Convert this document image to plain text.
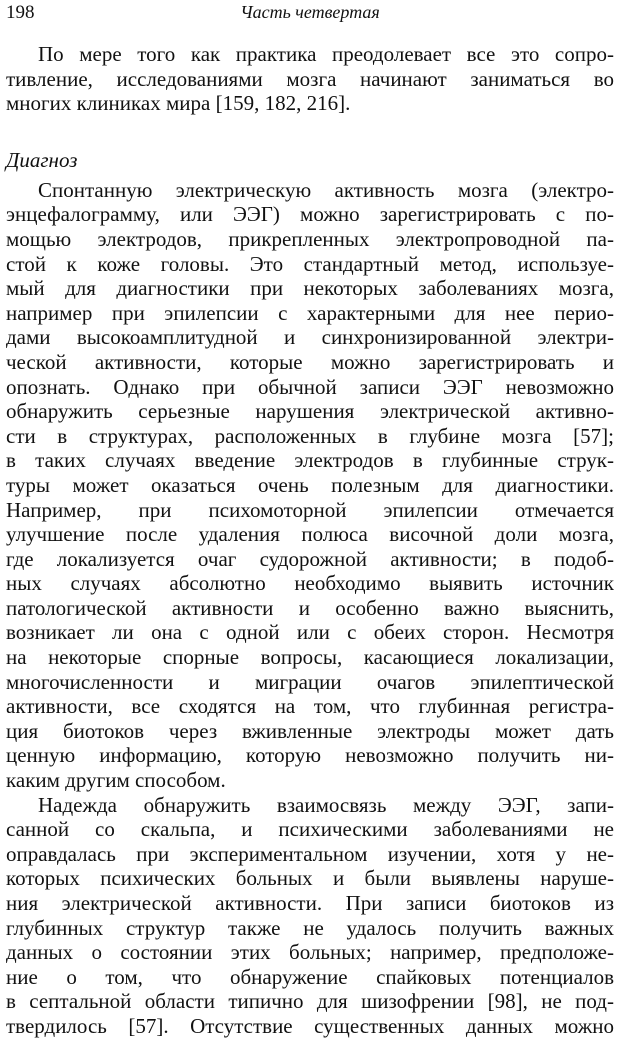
198	Часть четвертая
По мере того как практика преодолевает все это сопро-
тивление, исследованиями мозга начинают заниматься во
многих клиниках мира [159, 182, 216].
Диагноз
Спонтанную электрическую активность мозга (электро-
энцефалограмму, или ЭЭГ) можно зарегистрировать с по-
мощью электродов, прикрепленных электропроводной па-
стой к коже головы. Это стандартный метод, используе-
мый для диагностики при некоторых заболеваниях мозга,
например при эпилепсии с характерными для нее перио-
дами высокоамплитудной и синхронизированной электри-
ческой активности, которые можно зарегистрировать и
опознать. Однако при обычной записи ЭЭГ невозможно
обнаружить серьезные нарушения электрической активно-
сти в структурах, расположенных в глубине мозга [57];
в таких случаях введение электродов в глубинные струк-
туры может оказаться очень полезным для диагностики.
Например, при психомоторной эпилепсии отмечается
улучшение после удаления полюса височной доли мозга,
где локализуется очаг судорожной активности; в подоб-
ных случаях абсолютно необходимо выявить источник
патологической активности и особенно важно выяснить,
возникает ли она с одной или с обеих сторон. Несмотря
на некоторые спорные вопросы, касающиеся локализации,
многочисленности и миграции очагов эпилептической
активности, все сходятся на том, что глубинная регистра-
ция биотоков через вживленные электроды может дать
ценную информацию, которую невозможно получить ни-
каким другим способом.
Надежда обнаружить взаимосвязь между ЭЭГ, запи-
санной со скальпа, и психическими заболеваниями не
оправдалась при экспериментальном изучении, хотя у не-
которых психических больных и были выявлены наруше-
ния электрической активности. При записи биотоков из
глубинных структур также не удалось получить важных
данных о состоянии этих больных; например, предположе-
ние о том, что обнаружение спайковых потенциалов
в септальной области типично для шизофрении [98], не под-
твердилось [57]. Отсутствие существенных данных можно
